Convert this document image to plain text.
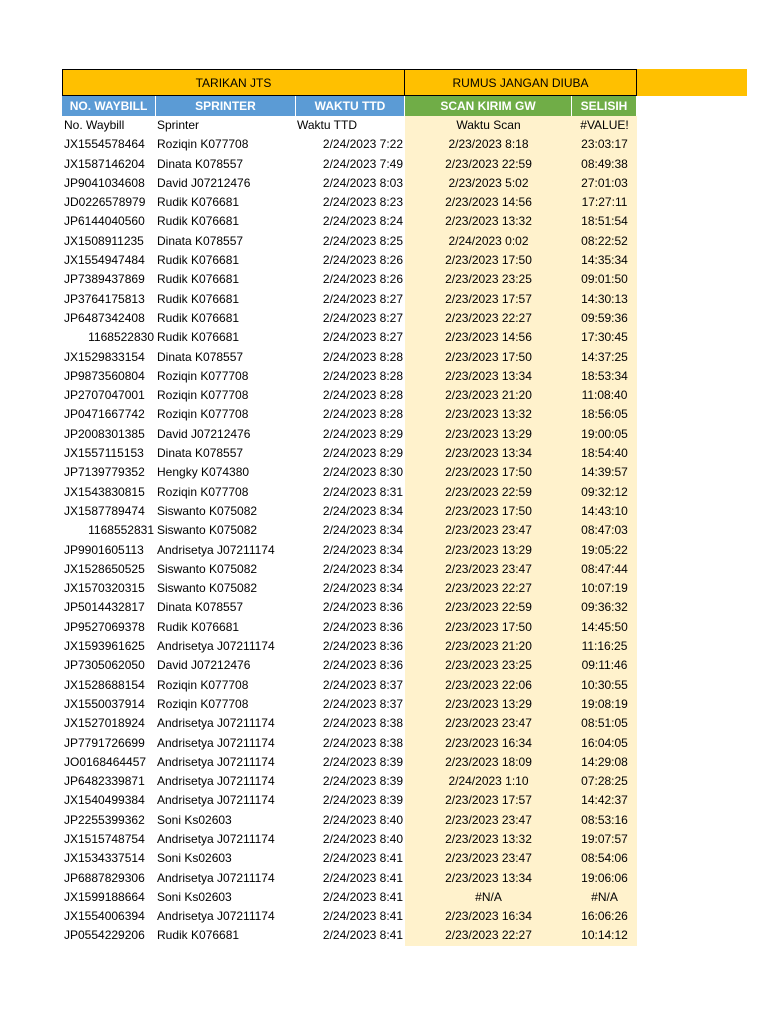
TARIKAN JTS	RUMUS JANGAN DIUBA
NO. WAYBILL	SPRINTER	WAKTU TTD	SCAN KIRIM GW	SELISIH
No. Waybill	Sprinter	Waktu TTD	Waktu Scan	#VALUE!
JX1554578464	Roziqin K077708	2/24/2023 7:22	2/23/2023 8:18	23:03:17
JX1587146204	Dinata K078557	2/24/2023 7:49	2/23/2023 22:59	08:49:38
JP9041034608	David J07212476	2/24/2023 8:03	2/23/2023 5:02	27:01:03
JD0226578979 Rudik K076681	2/24/2023 8:23	2/23/2023 14:56	17:27:11
JP6144040560	Rudik K076681	2/24/2023 8:24	2/23/2023 13:32	18:51:54
JX1508911235	Dinata K078557	2/24/2023 8:25	2/24/2023 0:02	08:22:52
JX1554947484	Rudik K076681	2/24/2023 8:26	2/23/2023 17:50	14:35:34
JP7389437869	Rudik K076681	2/24/2023 8:26	2/23/2023 23:25	09:01:50
JP3764175813	Rudik K076681	2/24/2023 8:27	2/23/2023 17:57	14:30:13
JP6487342408	Rudik K076681	2/24/2023 8:27	2/23/2023 22:27	09:59:36
1168522830 Rudik K076681	2/24/2023 8:27	2/23/2023 14:56	17:30:45
JX1529833154	Dinata K078557	2/24/2023 8:28	2/23/2023 17:50	14:37:25
JP9873560804	Roziqin K077708	2/24/2023 8:28	2/23/2023 13:34	18:53:34
JP2707047001	Roziqin K077708	2/24/2023 8:28	2/23/2023 21:20	11:08:40
JP0471667742	Roziqin K077708	2/24/2023 8:28	2/23/2023 13:32	18:56:05
JP2008301385	David J07212476	2/24/2023 8:29	2/23/2023 13:29	19:00:05
JX1557115153	Dinata K078557	2/24/2023 8:29	2/23/2023 13:34	18:54:40
JP7139779352	Hengky K074380	2/24/2023 8:30	2/23/2023 17:50	14:39:57
JX1543830815	Roziqin K077708	2/24/2023 8:31	2/23/2023 22:59	09:32:12
JX1587789474	Siswanto K075082	2/24/2023 8:34	2/23/2023 17:50	14:43:10
1168552831 Siswanto K075082	2/24/2023 8:34	2/23/2023 23:47	08:47:03
JP9901605113	Andrisetya J07211174	2/24/2023 8:34	2/23/2023 13:29	19:05:22
JX1528650525	Siswanto K075082	2/24/2023 8:34	2/23/2023 23:47	08:47:44
JX1570320315	Siswanto K075082	2/24/2023 8:34	2/23/2023 22:27	10:07:19
JP5014432817	Dinata K078557	2/24/2023 8:36	2/23/2023 22:59	09:36:32
JP9527069378	Rudik K076681	2/24/2023 8:36	2/23/2023 17:50	14:45:50
JX1593961625	Andrisetya J07211174	2/24/2023 8:36	2/23/2023 21:20	11:16:25
JP7305062050	David J07212476	2/24/2023 8:36	2/23/2023 23:25	09:11:46
JX1528688154	Roziqin K077708	2/24/2023 8:37	2/23/2023 22:06	10:30:55
JX1550037914	Roziqin K077708	2/24/2023 8:37	2/23/2023 13:29	19:08:19
JX1527018924	Andrisetya J07211174	2/24/2023 8:38	2/23/2023 23:47	08:51:05
JP7791726699	Andrisetya J07211174	2/24/2023 8:38	2/23/2023 16:34	16:04:05
JO0168464457 Andrisetya J07211174	2/24/2023 8:39	2/23/2023 18:09	14:29:08
JP6482339871	Andrisetya J07211174	2/24/2023 8:39	2/24/2023 1:10	07:28:25
JX1540499384	Andrisetya J07211174	2/24/2023 8:39	2/23/2023 17:57	14:42:37
JP2255399362	Soni Ks02603	2/24/2023 8:40	2/23/2023 23:47	08:53:16
JX1515748754	Andrisetya J07211174	2/24/2023 8:40	2/23/2023 13:32	19:07:57
JX1534337514	Soni Ks02603	2/24/2023 8:41	2/23/2023 23:47	08:54:06
JP6887829306	Andrisetya J07211174	2/24/2023 8:41	2/23/2023 13:34	19:06:06
JX1599188664	Soni Ks02603	2/24/2023 8:41	#N/A	#N/A
JX1554006394	Andrisetya J07211174	2/24/2023 8:41	2/23/2023 16:34	16:06:26
JP0554229206	Rudik K076681	2/24/2023 8:41	2/23/2023 22:27	10:14:12
